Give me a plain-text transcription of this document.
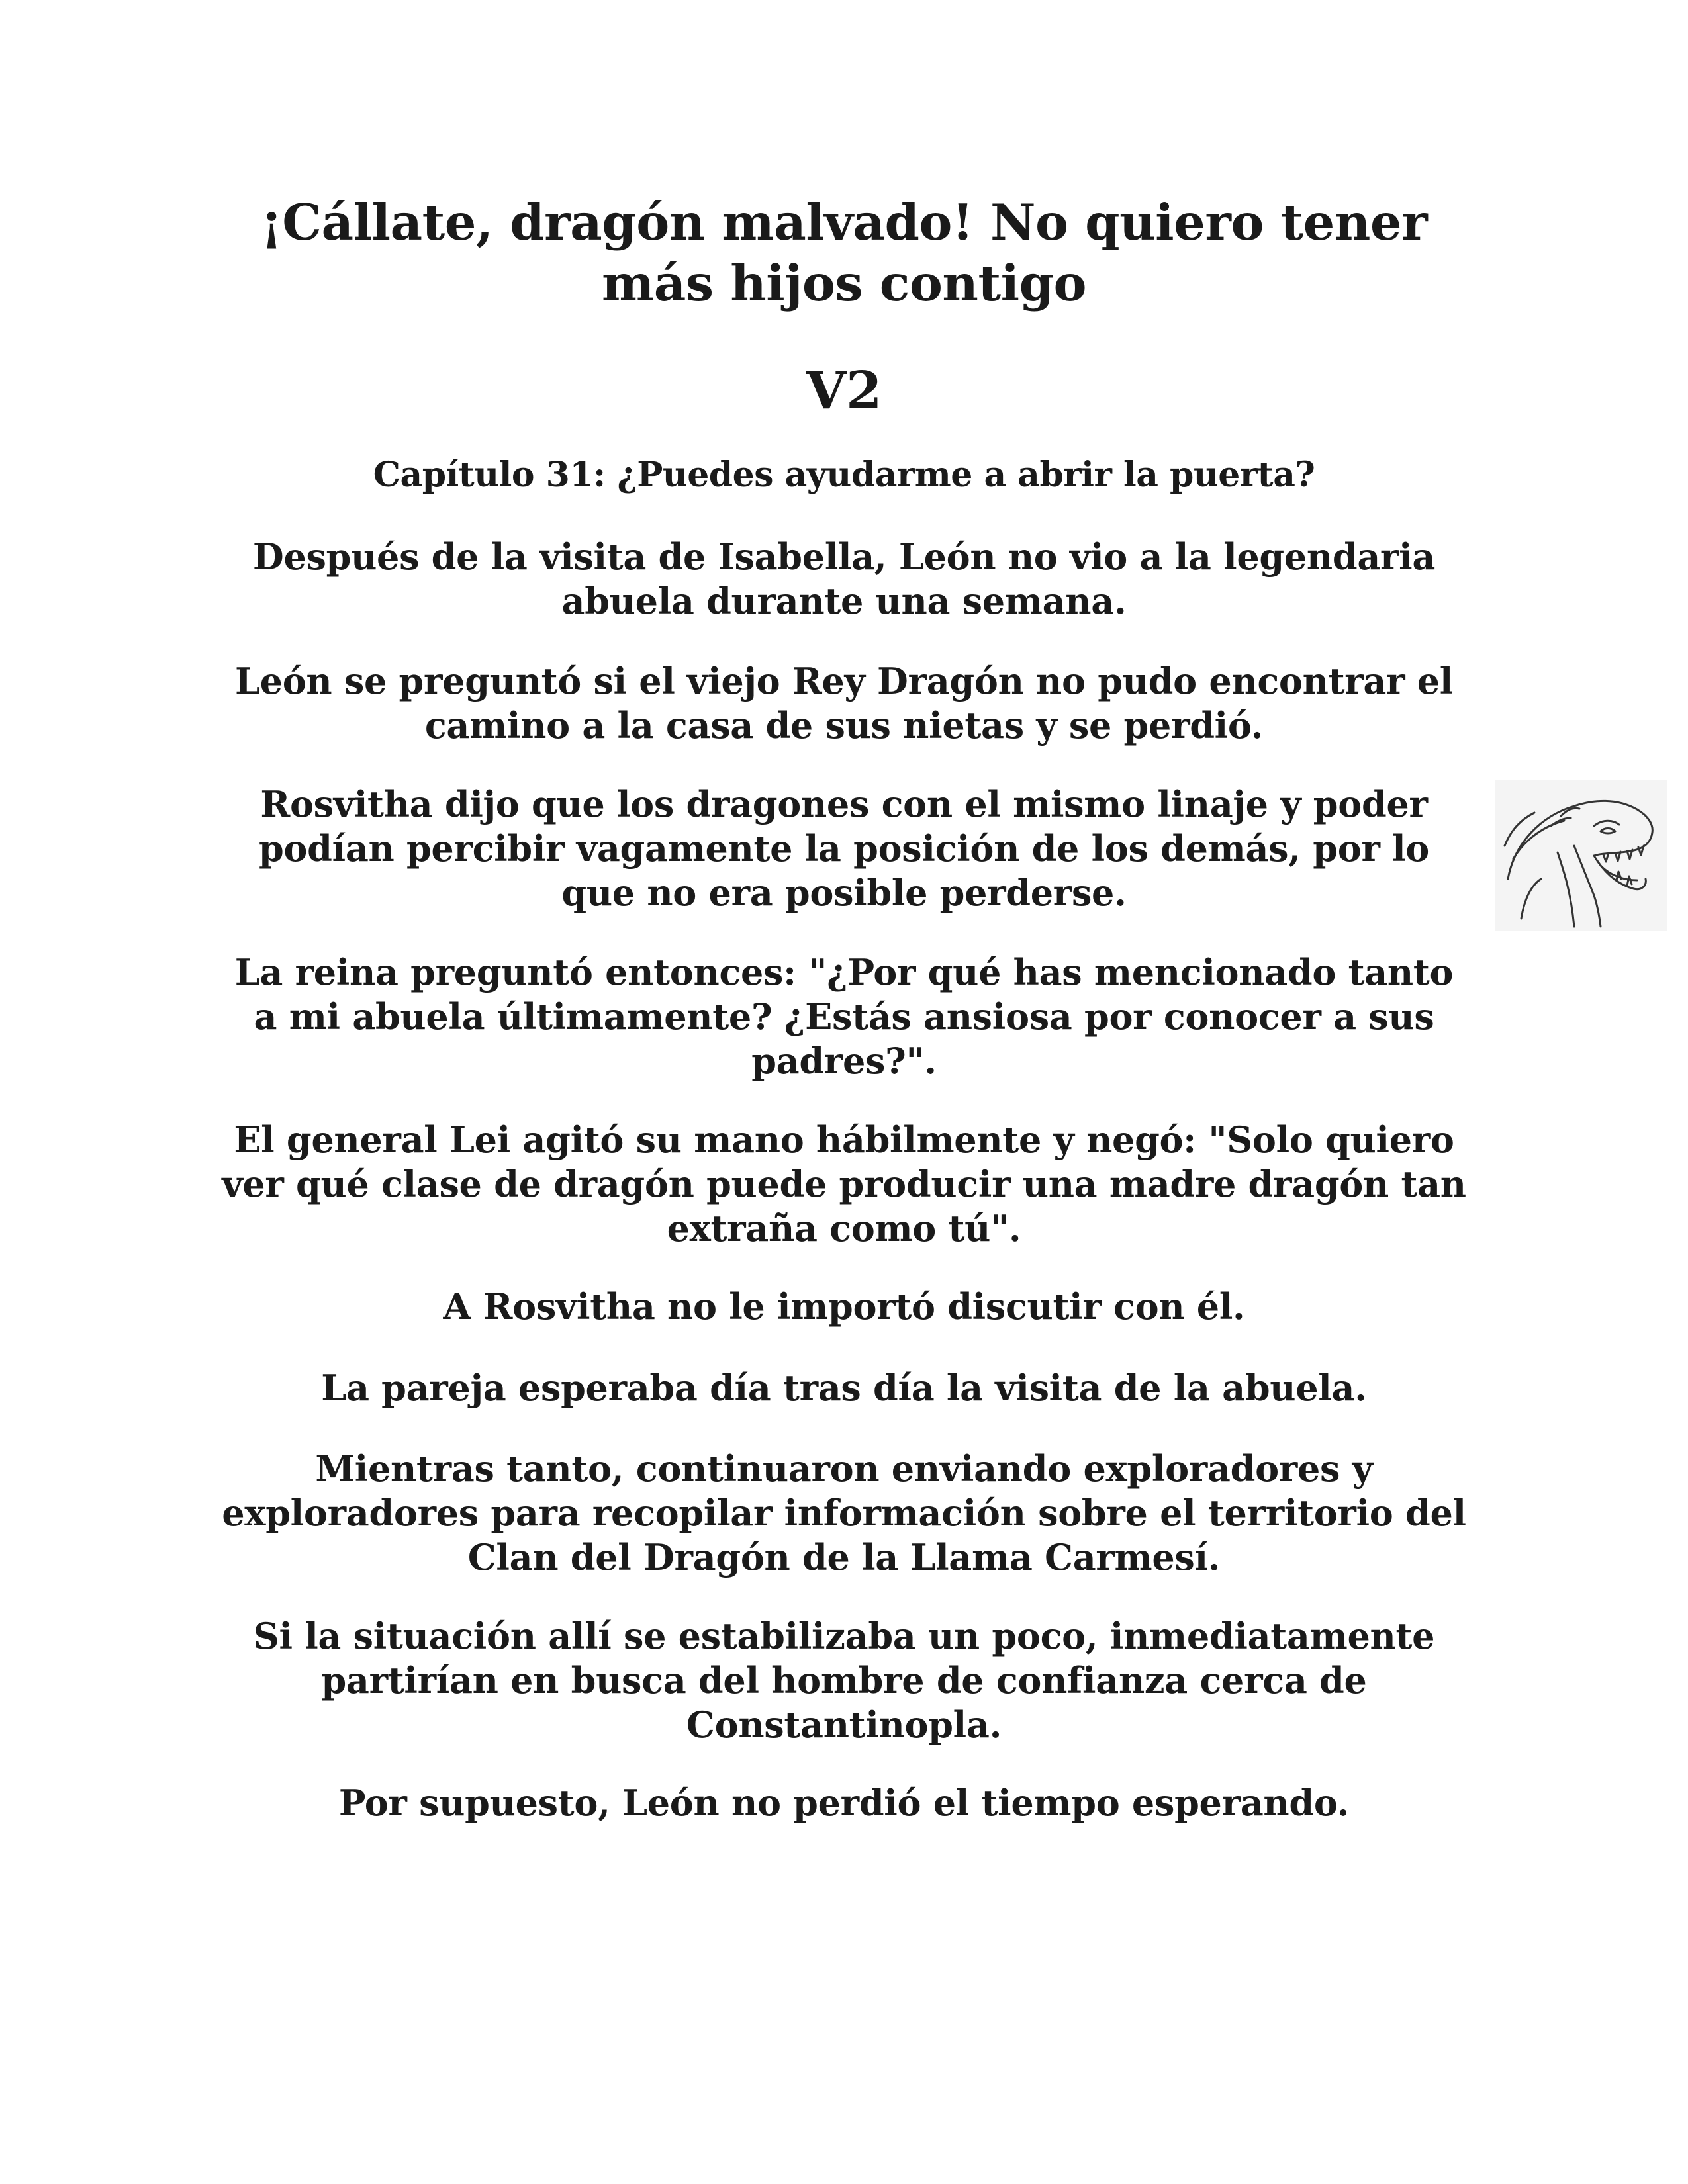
¡Cállate, dragón malvado! No quiero tener más hijos contigo
V2
Capítulo 31: ¿Puedes ayudarme a abrir la puerta?

Después de la visita de Isabella, León no vio a la legendaria abuela durante una semana.

León se preguntó si el viejo Rey Dragón no pudo encontrar el camino a la casa de sus nietas y se perdió.

Rosvitha dijo que los dragones con el mismo linaje y poder podían percibir vagamente la posición de los demás, por lo que no era posible perderse.

La reina preguntó entonces: "¿Por qué has mencionado tanto a mi abuela últimamente? ¿Estás ansiosa por conocer a sus padres?".

El general Lei agitó su mano hábilmente y negó: "Solo quiero ver qué clase de dragón puede producir una madre dragón tan extraña como tú".

A Rosvitha no le importó discutir con él.

La pareja esperaba día tras día la visita de la abuela.

Mientras tanto, continuaron enviando exploradores y exploradores para recopilar información sobre el territorio del Clan del Dragón de la Llama Carmesí.

Si la situación allí se estabilizaba un poco, inmediatamente partirían en busca del hombre de confianza cerca de Constantinopla.

Por supuesto, León no perdió el tiempo esperando.
